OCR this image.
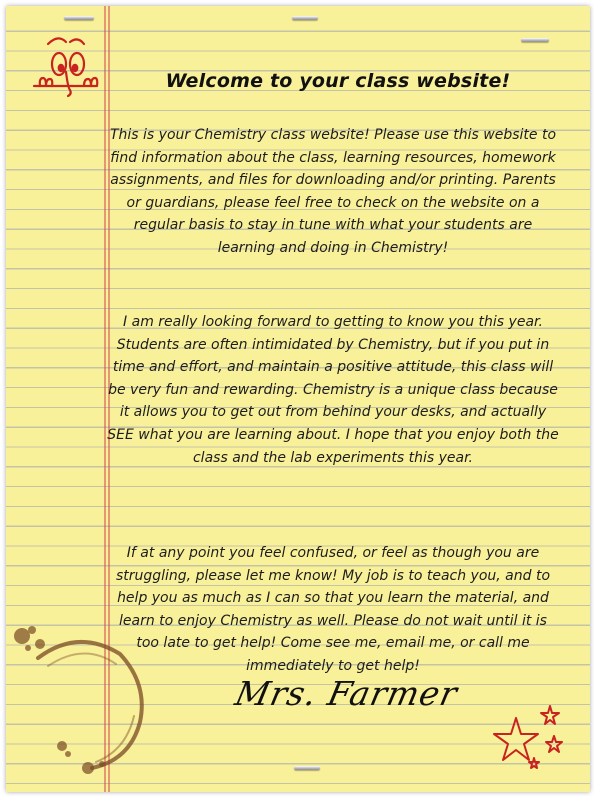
Welcome to your class website!

This is your Chemistry class website! Please use this website to find information about the class, learning resources, homework assignments, and files for downloading and/or printing. Parents or guardians, please feel free to check on the website on a regular basis to stay in tune with what your students are learning and doing in Chemistry!

I am really looking forward to getting to know you this year. Students are often intimidated by Chemistry, but if you put in time and effort, and maintain a positive attitude, this class will be very fun and rewarding. Chemistry is a unique class because it allows you to get out from behind your desks, and actually SEE what you are learning about. I hope that you enjoy both the class and the lab experiments this year.

If at any point you feel confused, or feel as though you are struggling, please let me know! My job is to teach you, and to help you as much as I can so that you learn the material, and learn to enjoy Chemistry as well. Please do not wait until it is too late to get help! Come see me, email me, or call me immediately to get help!

Mrs. Farmer
